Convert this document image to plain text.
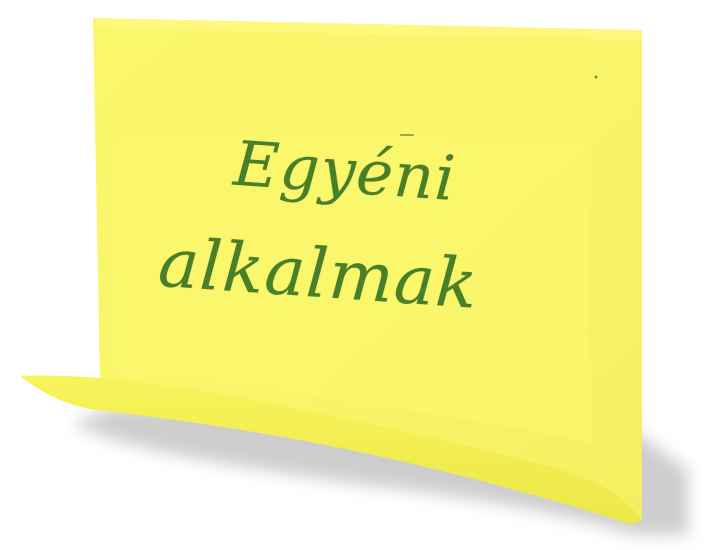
Egyéni
alkalmak
